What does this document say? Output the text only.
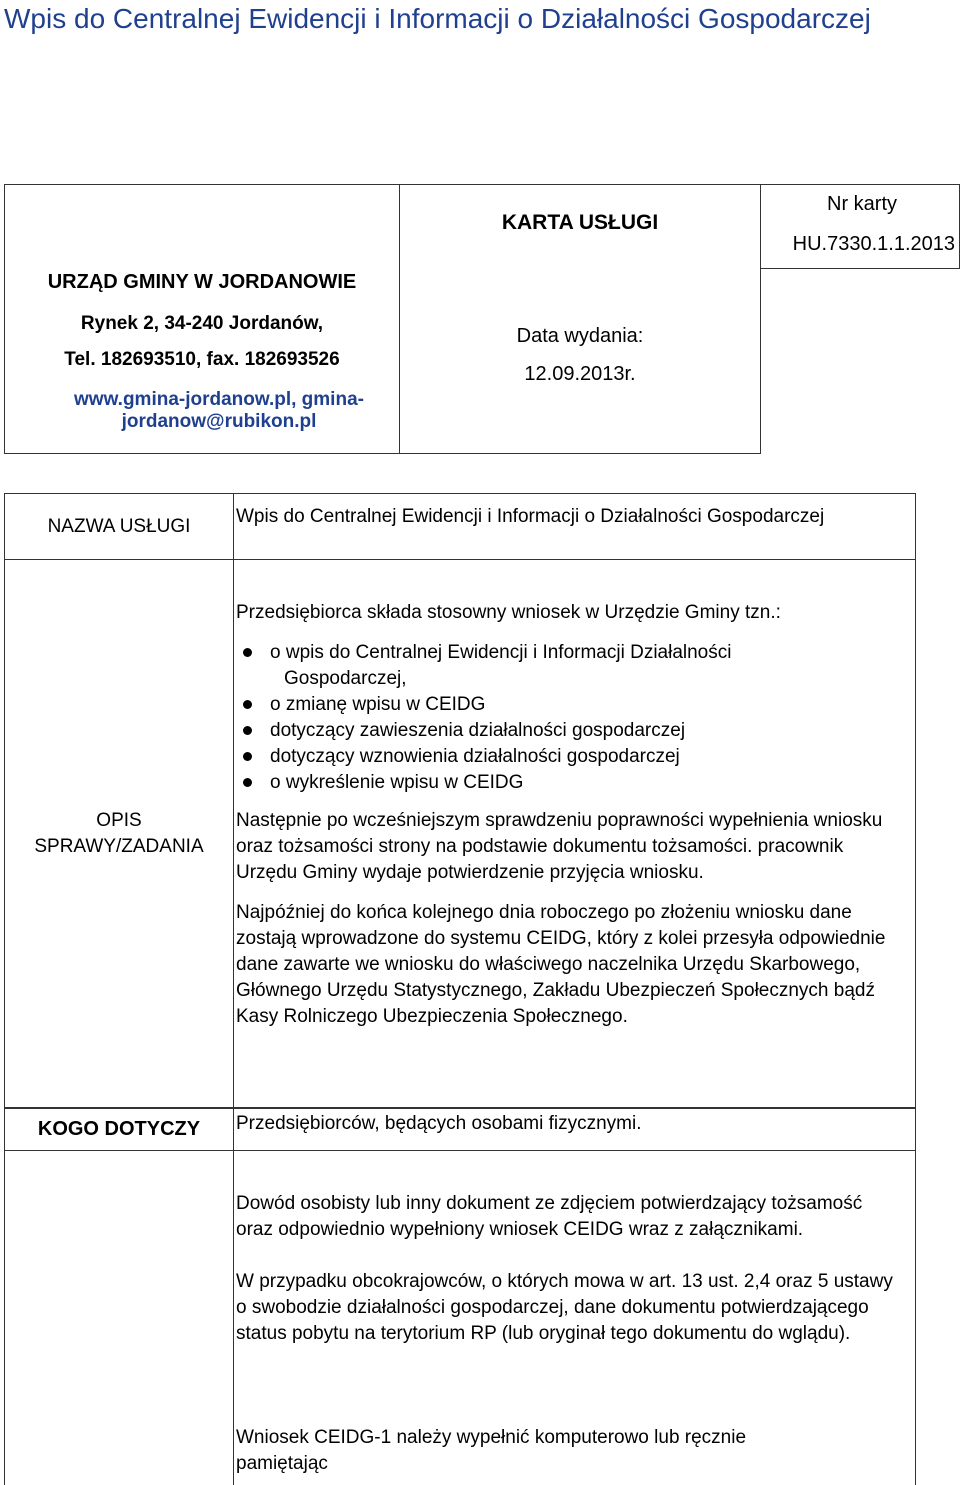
Wpis do Centralnej Ewidencji i Informacji o Działalności Gospodarczej
URZĄD GMINY W JORDANOWIE
Rynek 2, 34-240 Jordanów,
Tel. 182693510, fax. 182693526
www.gmina-jordanow.pl, gmina-jordanow@rubikon.pl
KARTA USŁUGI
Data wydania:
12.09.2013r.
Nr karty
HU.7330.1.1.2013
NAZWA USŁUGI	Wpis do Centralnej Ewidencji i Informacji o Działalności Gospodarczej
OPIS SPRAWY/ZADANIA
Przedsiębiorca składa stosowny wniosek w Urzędzie Gminy tzn.:
o wpis do Centralnej Ewidencji i Informacji Działalności
Gospodarczej,
o zmianę wpisu w CEIDG
dotyczący zawieszenia działalności gospodarczej
dotyczący wznowienia działalności gospodarczej
o wykreślenie wpisu w CEIDG
Następnie po wcześniejszym sprawdzeniu poprawności wypełnienia wniosku oraz tożsamości strony na podstawie dokumentu tożsamości. pracownik Urzędu Gminy wydaje potwierdzenie przyjęcia wniosku.
Najpóźniej do końca kolejnego dnia roboczego po złożeniu wniosku dane zostają wprowadzone do systemu CEIDG, który z kolei przesyła odpowiednie dane zawarte we wniosku do właściwego naczelnika Urzędu Skarbowego, Głównego Urzędu Statystycznego, Zakładu Ubezpieczeń Społecznych bądź Kasy Rolniczego Ubezpieczenia Społecznego.
KOGO DOTYCZY	Przedsiębiorców, będących osobami fizycznymi.
Dowód osobisty lub inny dokument ze zdjęciem potwierdzający tożsamość oraz odpowiednio wypełniony wniosek CEIDG wraz z załącznikami.
W przypadku obcokrajowców, o których mowa w art. 13 ust. 2,4 oraz 5 ustawy o swobodzie działalności gospodarczej, dane dokumentu potwierdzającego status pobytu na terytorium RP (lub oryginał tego dokumentu do wglądu).
Wniosek CEIDG-1 należy wypełnić komputerowo lub ręcznie pamiętając
